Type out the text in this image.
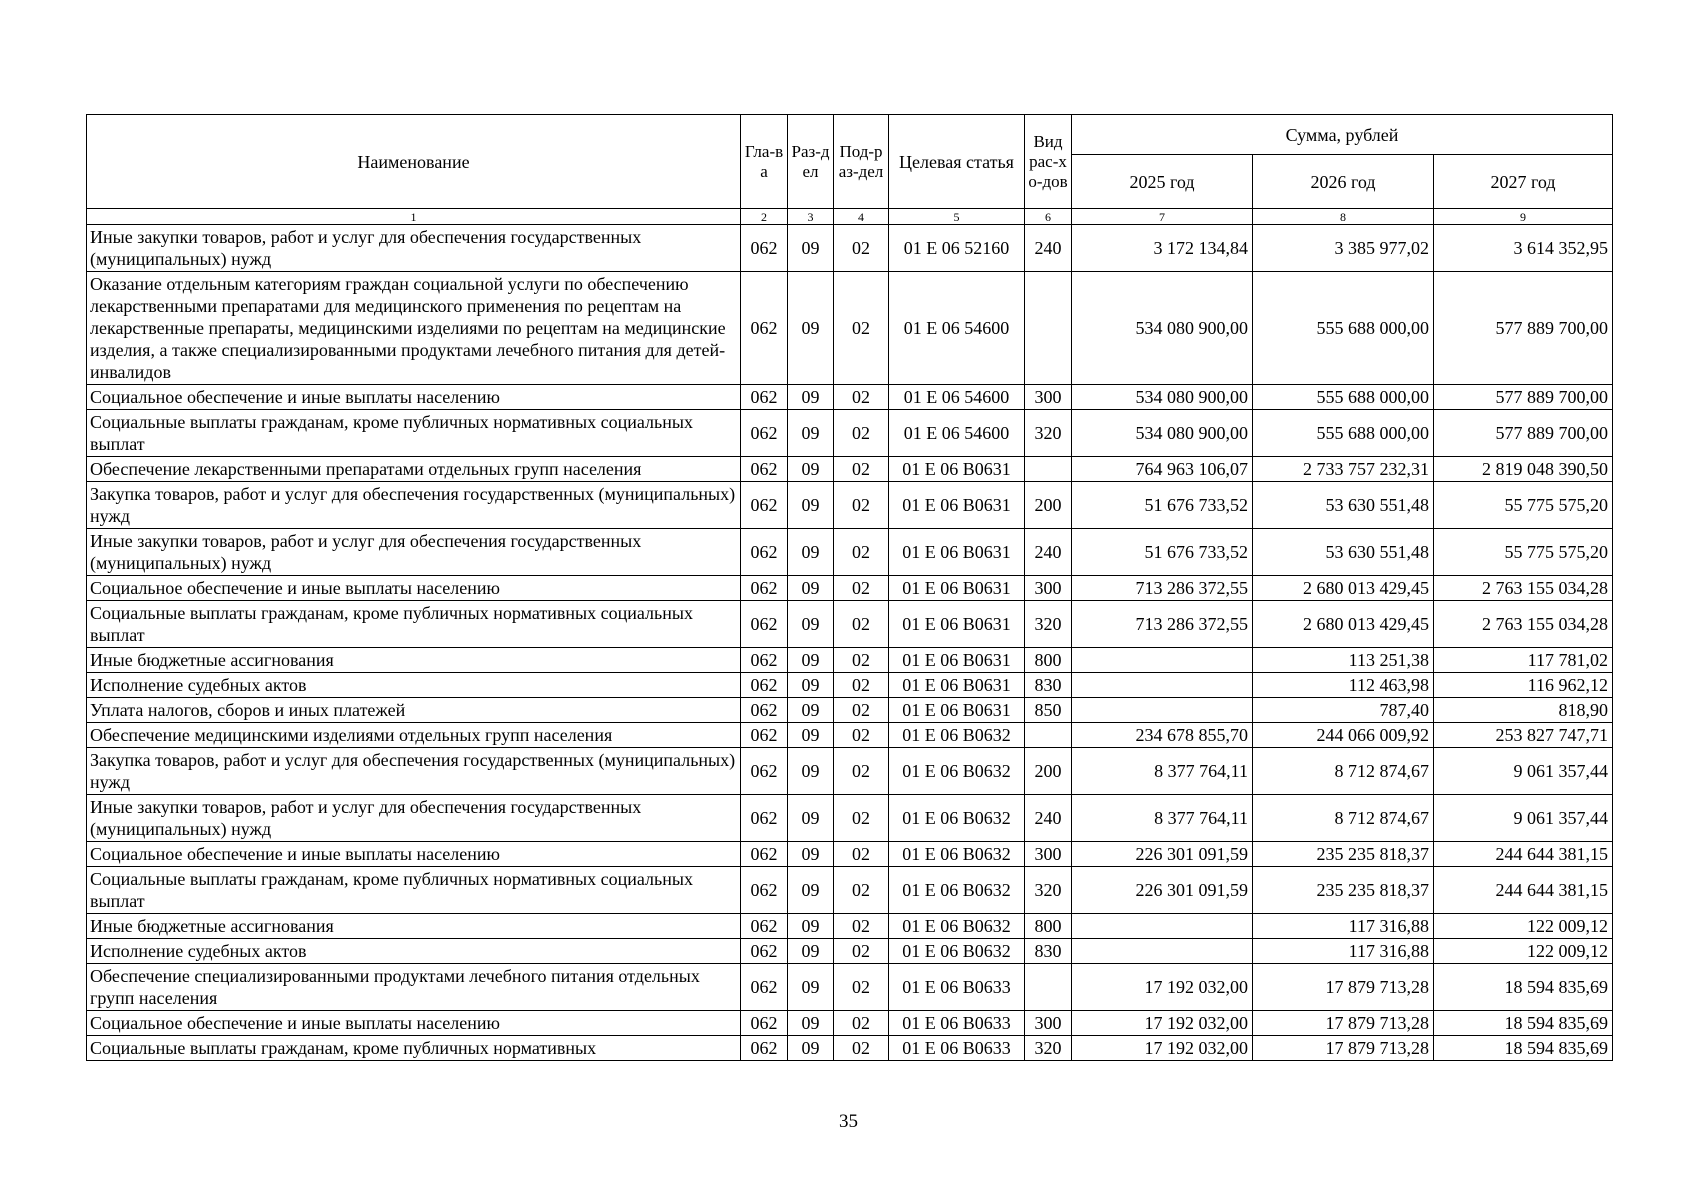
Наименование	Гла-ва	Раз-дел	Под-раз-дел	Целевая статья	Вид рас-хо-дов	Сумма, рублей		
						2025 год	2026 год	2027 год
1	2	3	4	5	6	7	8	9
Иные закупки товаров, работ и услуг для обеспечения государственных (муниципальных) нужд	062	09	02	01 Е 06 52160	240	3 172 134,84	3 385 977,02	3 614 352,95
Оказание отдельным категориям граждан социальной услуги по обеспечению лекарственными препаратами для медицинского применения по рецептам на лекарственные препараты, медицинскими изделиями по рецептам на медицинские изделия, а также специализированными продуктами лечебного питания для детей-инвалидов	062	09	02	01 Е 06 54600		534 080 900,00	555 688 000,00	577 889 700,00
Социальное обеспечение и иные выплаты населению	062	09	02	01 Е 06 54600	300	534 080 900,00	555 688 000,00	577 889 700,00
Социальные выплаты гражданам, кроме публичных нормативных социальных выплат	062	09	02	01 Е 06 54600	320	534 080 900,00	555 688 000,00	577 889 700,00
Обеспечение лекарственными препаратами отдельных групп населения	062	09	02	01 Е 06 В0631		764 963 106,07	2 733 757 232,31	2 819 048 390,50
Закупка товаров, работ и услуг для обеспечения государственных (муниципальных) нужд	062	09	02	01 Е 06 В0631	200	51 676 733,52	53 630 551,48	55 775 575,20
Иные закупки товаров, работ и услуг для обеспечения государственных (муниципальных) нужд	062	09	02	01 Е 06 В0631	240	51 676 733,52	53 630 551,48	55 775 575,20
Социальное обеспечение и иные выплаты населению	062	09	02	01 Е 06 В0631	300	713 286 372,55	2 680 013 429,45	2 763 155 034,28
Социальные выплаты гражданам, кроме публичных нормативных социальных выплат	062	09	02	01 Е 06 В0631	320	713 286 372,55	2 680 013 429,45	2 763 155 034,28
Иные бюджетные ассигнования	062	09	02	01 Е 06 В0631	800		113 251,38	117 781,02
Исполнение судебных актов	062	09	02	01 Е 06 В0631	830		112 463,98	116 962,12
Уплата налогов, сборов и иных платежей	062	09	02	01 Е 06 В0631	850		787,40	818,90
Обеспечение медицинскими изделиями отдельных групп населения	062	09	02	01 Е 06 В0632		234 678 855,70	244 066 009,92	253 827 747,71
Закупка товаров, работ и услуг для обеспечения государственных (муниципальных) нужд	062	09	02	01 Е 06 В0632	200	8 377 764,11	8 712 874,67	9 061 357,44
Иные закупки товаров, работ и услуг для обеспечения государственных (муниципальных) нужд	062	09	02	01 Е 06 В0632	240	8 377 764,11	8 712 874,67	9 061 357,44
Социальное обеспечение и иные выплаты населению	062	09	02	01 Е 06 В0632	300	226 301 091,59	235 235 818,37	244 644 381,15
Социальные выплаты гражданам, кроме публичных нормативных социальных выплат	062	09	02	01 Е 06 В0632	320	226 301 091,59	235 235 818,37	244 644 381,15
Иные бюджетные ассигнования	062	09	02	01 Е 06 В0632	800		117 316,88	122 009,12
Исполнение судебных актов	062	09	02	01 Е 06 В0632	830		117 316,88	122 009,12
Обеспечение специализированными продуктами лечебного питания отдельных групп населения	062	09	02	01 Е 06 В0633		17 192 032,00	17 879 713,28	18 594 835,69
Социальное обеспечение и иные выплаты населению	062	09	02	01 Е 06 В0633	300	17 192 032,00	17 879 713,28	18 594 835,69
Социальные выплаты гражданам, кроме публичных нормативных	062	09	02	01 Е 06 В0633	320	17 192 032,00	17 879 713,28	18 594 835,69
35
